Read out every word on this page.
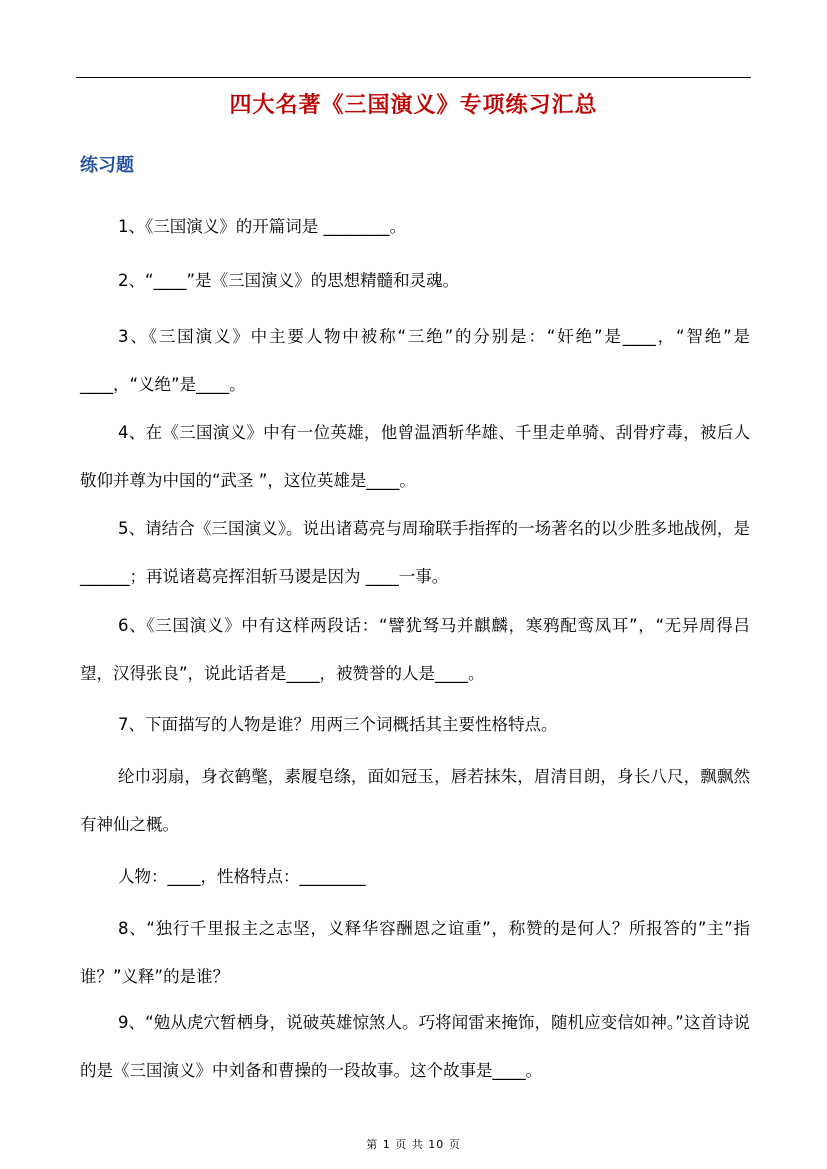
四大名著《三国演义》专项练习汇总
练习题
1、《三国演义》的开篇词是 ________。
2、“____”是《三国演义》的思想精髓和灵魂。
3、《三国演义》中主要人物中被称“三绝”的分别是：“奸绝”是____，“智绝”是____，“义绝”是____。
4、在《三国演义》中有一位英雄，他曾温酒斩华雄、千里走单骑、刮骨疗毒，被后人敬仰并尊为中国的“武圣 ”，这位英雄是____。
5、请结合《三国演义》。说出诸葛亮与周瑜联手指挥的一场著名的以少胜多地战例，是______；再说诸葛亮挥泪斩马谡是因为 ____一事。
6、《三国演义》中有这样两段话：“譬犹驽马并麒麟，寒鸦配鸾凤耳”，“无异周得吕望，汉得张良”，说此话者是____，被赞誉的人是____。
7、下面描写的人物是谁？用两三个词概括其主要性格特点。
纶巾羽扇，身衣鹤氅，素履皂绦，面如冠玉，唇若抹朱，眉清目朗，身长八尺，飘飘然有神仙之概。
人物：____，性格特点：________
8、“独行千里报主之志坚，义释华容酬恩之谊重”，称赞的是何人？所报答的”主”指谁？”义释”的是谁？
9、“勉从虎穴暂栖身，说破英雄惊煞人。巧将闻雷来掩饰，随机应变信如神。”这首诗说的是《三国演义》中刘备和曹操的一段故事。这个故事是____。
第 1 页 共 10 页
